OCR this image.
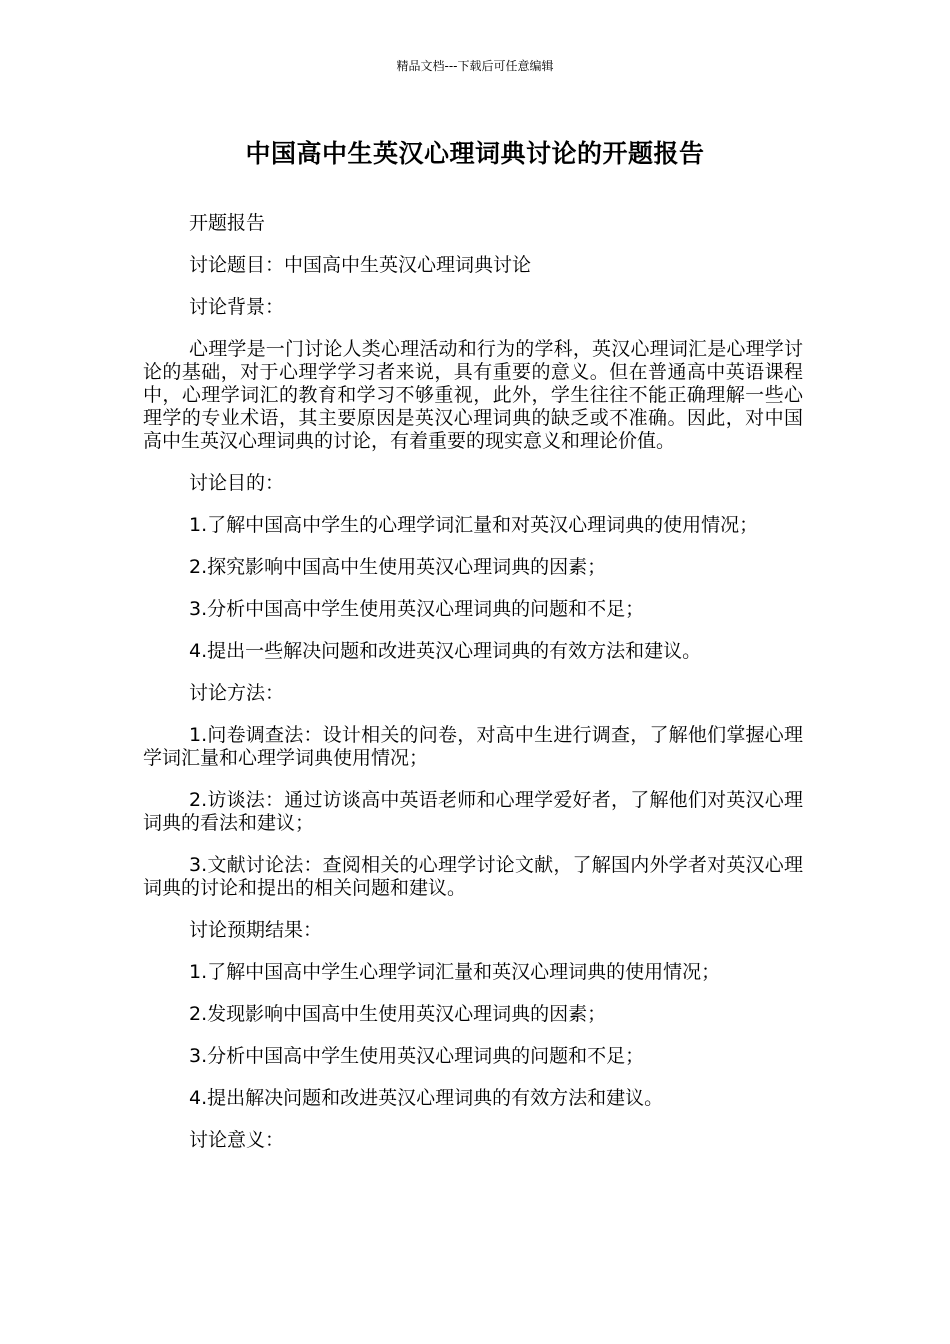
精品文档---下载后可任意编辑
中国高中生英汉心理词典讨论的开题报告

开题报告

讨论题目：中国高中生英汉心理词典讨论

讨论背景：

心理学是一门讨论人类心理活动和行为的学科，英汉心理词汇是心理学讨论的基础，对于心理学学习者来说，具有重要的意义。但在普通高中英语课程中，心理学词汇的教育和学习不够重视，此外，学生往往不能正确理解一些心理学的专业术语，其主要原因是英汉心理词典的缺乏或不准确。因此，对中国高中生英汉心理词典的讨论，有着重要的现实意义和理论价值。

讨论目的：

1.了解中国高中学生的心理学词汇量和对英汉心理词典的使用情况；

2.探究影响中国高中生使用英汉心理词典的因素；

3.分析中国高中学生使用英汉心理词典的问题和不足；

4.提出一些解决问题和改进英汉心理词典的有效方法和建议。

讨论方法：

1.问卷调查法：设计相关的问卷，对高中生进行调查，了解他们掌握心理学词汇量和心理学词典使用情况；

2.访谈法：通过访谈高中英语老师和心理学爱好者，了解他们对英汉心理词典的看法和建议；

3.文献讨论法：查阅相关的心理学讨论文献，了解国内外学者对英汉心理词典的讨论和提出的相关问题和建议。

讨论预期结果：

1.了解中国高中学生心理学词汇量和英汉心理词典的使用情况；

2.发现影响中国高中生使用英汉心理词典的因素；

3.分析中国高中学生使用英汉心理词典的问题和不足；

4.提出解决问题和改进英汉心理词典的有效方法和建议。

讨论意义：
